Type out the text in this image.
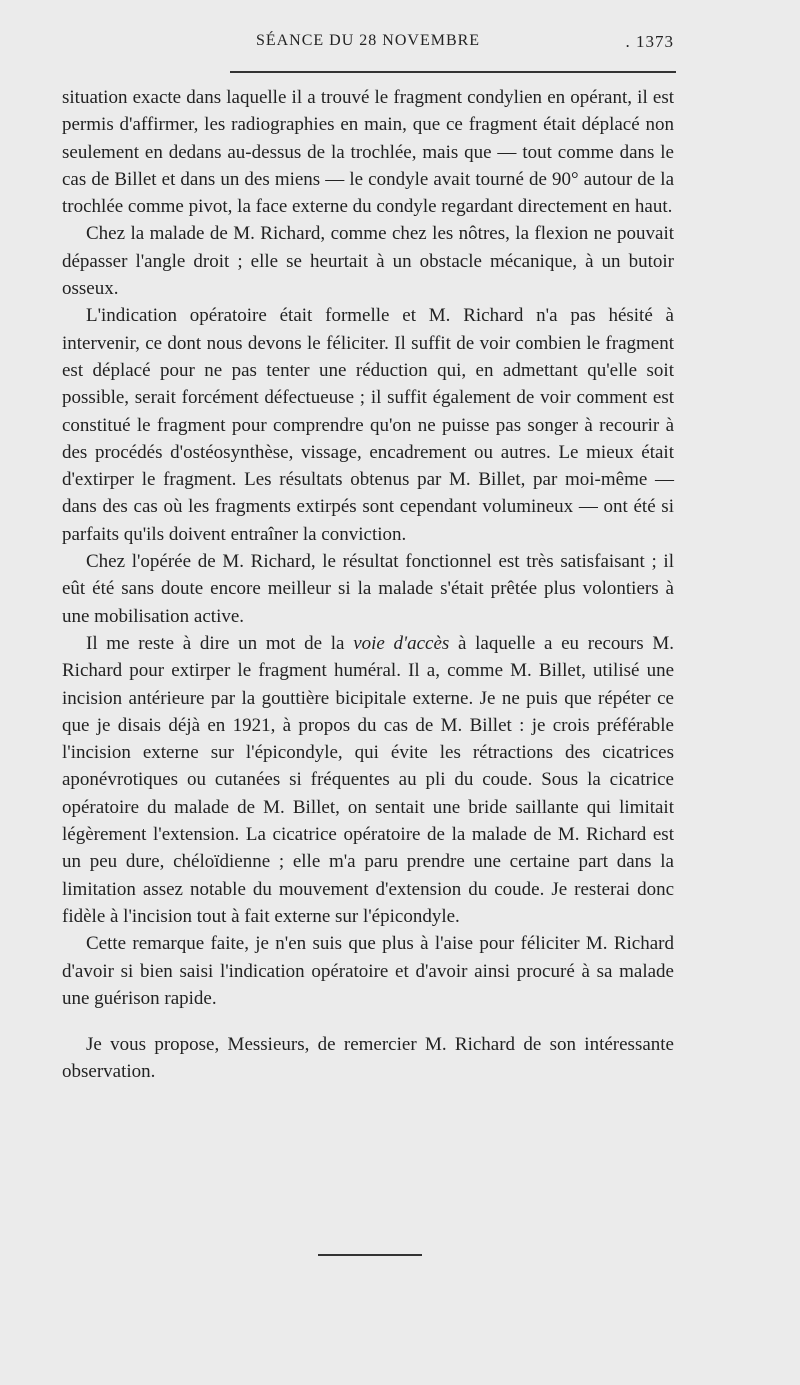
SÉANCE DU 28 NOVEMBRE	. 1373

situation exacte dans laquelle il a trouvé le fragment condylien en opérant, il est permis d'affirmer, les radiographies en main, que ce fragment était déplacé non seulement en dedans au-dessus de la trochlée, mais que — tout comme dans le cas de Billet et dans un des miens — le condyle avait tourné de 90° autour de la trochlée comme pivot, la face externe du condyle regardant directement en haut.

Chez la malade de M. Richard, comme chez les nôtres, la flexion ne pouvait dépasser l'angle droit ; elle se heurtait à un obstacle mécanique, à un butoir osseux.

L'indication opératoire était formelle et M. Richard n'a pas hésité à intervenir, ce dont nous devons le féliciter. Il suffit de voir combien le fragment est déplacé pour ne pas tenter une réduction qui, en admettant qu'elle soit possible, serait forcément défectueuse ; il suffit également de voir comment est constitué le fragment pour comprendre qu'on ne puisse pas songer à recourir à des procédés d'ostéosynthèse, vissage, encadrement ou autres. Le mieux était d'extirper le fragment. Les résultats obtenus par M. Billet, par moi-même — dans des cas où les fragments extirpés sont cependant volumineux — ont été si parfaits qu'ils doivent entraîner la conviction.

Chez l'opérée de M. Richard, le résultat fonctionnel est très satisfaisant ; il eût été sans doute encore meilleur si la malade s'était prêtée plus volontiers à une mobilisation active.

Il me reste à dire un mot de la voie d'accès à laquelle a eu recours M. Richard pour extirper le fragment huméral. Il a, comme M. Billet, utilisé une incision antérieure par la gouttière bicipitale externe. Je ne puis que répéter ce que je disais déjà en 1921, à propos du cas de M. Billet : je crois préférable l'incision externe sur l'épicondyle, qui évite les rétractions des cicatrices aponévrotiques ou cutanées si fréquentes au pli du coude. Sous la cicatrice opératoire du malade de M. Billet, on sentait une bride saillante qui limitait légèrement l'extension. La cicatrice opératoire de la malade de M. Richard est un peu dure, chéloïdienne ; elle m'a paru prendre une certaine part dans la limitation assez notable du mouvement d'extension du coude. Je resterai donc fidèle à l'incision tout à fait externe sur l'épicondyle.

Cette remarque faite, je n'en suis que plus à l'aise pour féliciter M. Richard d'avoir si bien saisi l'indication opératoire et d'avoir ainsi procuré à sa malade une guérison rapide.

Je vous propose, Messieurs, de remercier M. Richard de son intéressante observation.
